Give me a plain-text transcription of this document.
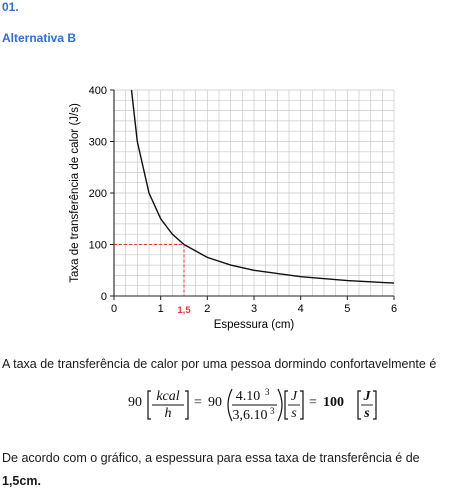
01.
Alternativa B
0	1	2	3	4	5	6
0
100
200
300
400
1,5
Espessura (cm)
Taxa de transferência de calor (J/s)
A taxa de transferência de calor por uma pessoa dormindo confortavelmente é
90 kcal
h
= 90 4.10 3
3,6.10 3
J
s
= 100 J
s
De acordo com o gráfico, a espessura para essa taxa de transferência é de
1,5cm.
